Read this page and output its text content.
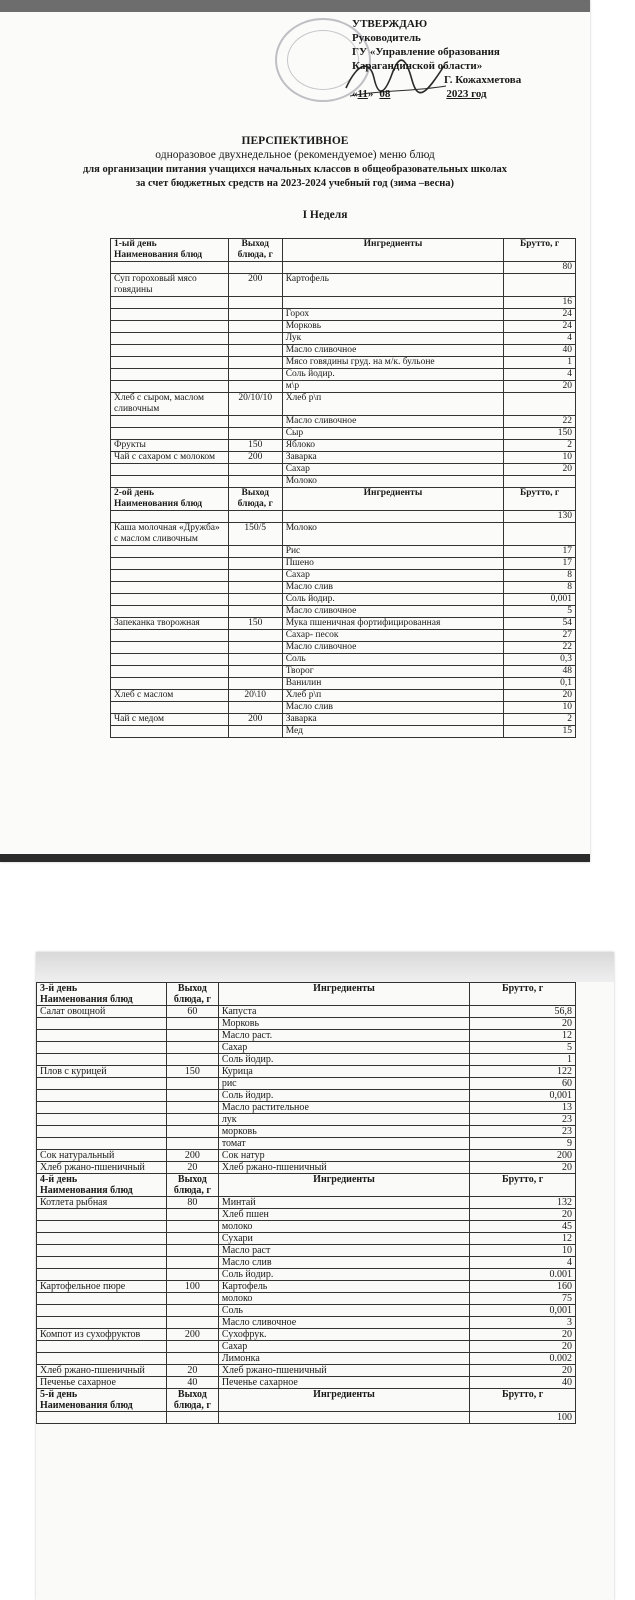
УТВЕРЖДАЮ
Руководитель
ГУ «Управление образования
Карагандинской области»
Г. Кожахметова
«11» 08	2023 год
ПЕРСПЕКТИВНОЕ
одноразовое двухнедельное (рекомендуемое) меню блюд
для организации питания учащихся начальных классов в общеобразовательных школах
за счет бюджетных средств на 2023-2024 учебный год (зима –весна)
I Неделя
1-ый день
Наименования блюд	Выход блюда, г	Ингредиенты	Брутто, г
			80
Суп гороховый мясо говядины	200	Картофель	
			16
		Горох	24
		Морковь	24
		Лук	4
		Масло сливочное	40
		Мясо говядины груд. на м/к. бульоне	1
		Соль йодир.	4
		м\р	20
Хлеб с сыром, маслом сливочным	20/10/10	Хлеб р\п	
		Масло сливочное	22
		Сыр	150
Фрукты	150	Яблоко	2
Чай с сахаром с молоком	200	Заварка	10
		Сахар	20
		Молоко	

2-ой день
Наименования блюд	Выход блюда, г	Ингредиенты	Брутто, г
			130
Каша молочная «Дружба» с маслом сливочным	150/5	Молоко	
		Рис	17
		Пшено	17
		Сахар	8
		Масло слив	8
		Соль йодир.	0,001
		Масло сливочное	5
Запеканка творожная	150	Мука пшеничная фортифицированная	54
		Сахар- песок	27
		Масло сливочное	22
		Соль	0,3
		Творог	48
		Ванилин	0,1
Хлеб с маслом	20\10	Хлеб р\п	20
		Масло слив	10
Чай с медом	200	Заварка	2
		Мед	15
3-й день
Наименования блюд	Выход блюда, г	Ингредиенты	Брутто, г
Салат овощной	60	Капуста	56,8
		Морковь	20
		Масло раст.	12
		Сахар	5
		Соль йодир.	1
Плов с курицей	150	Курица	122
		рис	60
		Соль йодир.	0,001
		Масло растительное	13
		лук	23
		морковь	23
		томат	9
Сок натуральный	200	Сок натур	200
Хлеб ржано-пшеничный	20	Хлеб ржано-пшеничный	20

4-й день
Наименования блюд	Выход блюда, г	Ингредиенты	Брутто, г
Котлета рыбная	80	Минтай	132
		Хлеб пшен	20
		молоко	45
		Сухари	12
		Масло раст	10
		Масло слив	4
		Соль йодир.	0.001
Картофельное пюре	100	Картофель	160
		молоко	75
		Соль	0,001
		Масло сливочное	3
Компот из сухофруктов	200	Сухофрук.	20
		Сахар	20
		Лимонка	0.002
Хлеб ржано-пшеничный	20	Хлеб ржано-пшеничный	20
Печенье сахарное	40	Печенье сахарное	40

5-й день
Наименования блюд	Выход блюда, г	Ингредиенты	Брутто, г
			100
